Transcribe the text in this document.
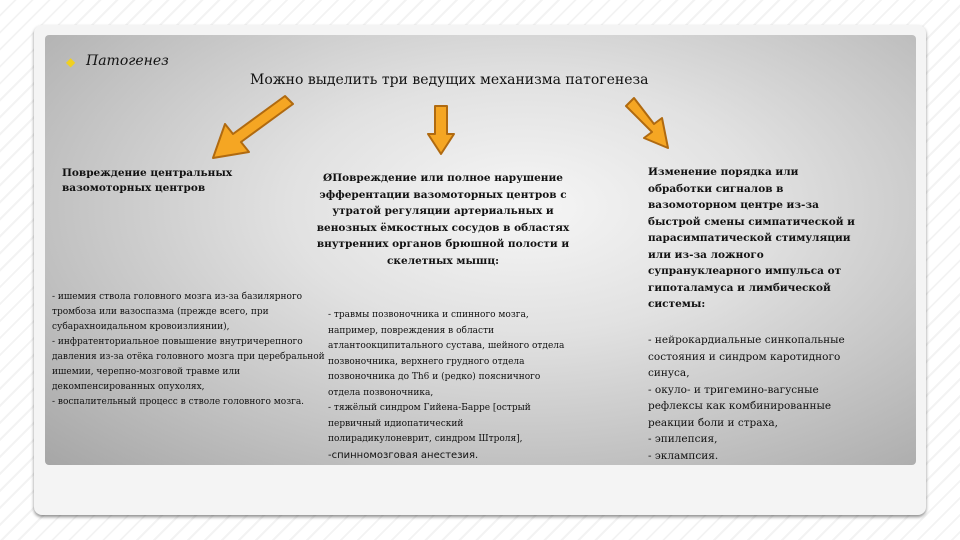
◆ Патогенез
Можно выделить три ведущих механизма патогенеза
Повреждение центральных вазомоторных центров

- ишемия ствола головного мозга из-за базилярного тромбоза или вазоспазма (прежде всего, при субарахноидальном кровоизлиянии),

- инфратенториальное повышение внутричерепного давления из-за отёка головного мозга при церебральной ишемии, черепно-мозговой травме или декомпенсированных опухолях,

- воспалительный процесс в стволе головного мозга.

ØПовреждение или полное нарушение эфферентации вазомоторных центров с утратой регуляции артериальных и венозных ёмкостных сосудов в областях внутренних органов брюшной полости и скелетных мышц:

- травмы позвоночника и спинного мозга, например, повреждения в области атлантоокципитального сустава, шейного отдела позвоночника, верхнего грудного отдела позвоночника до Th6 и (редко) поясничного отдела позвоночника,

- тяжёлый синдром Гийена-Барре [острый первичный идиопатический полирадикулоневрит, синдром Штроля],

-спинномозговая анестезия.

Изменение порядка или обработки сигналов в вазомоторном центре из-за быстрой смены симпатической и парасимпатической стимуляции или из-за ложного супрануклеарного импульса от гипоталамуса и лимбической системы:
- нейрокардиальные синкопальные состояния и синдром каротидного синуса,
- окуло- и тригемино-вагусные рефлексы как комбинированные реакции боли и страха,
- эпилепсия,
- эклампсия.
